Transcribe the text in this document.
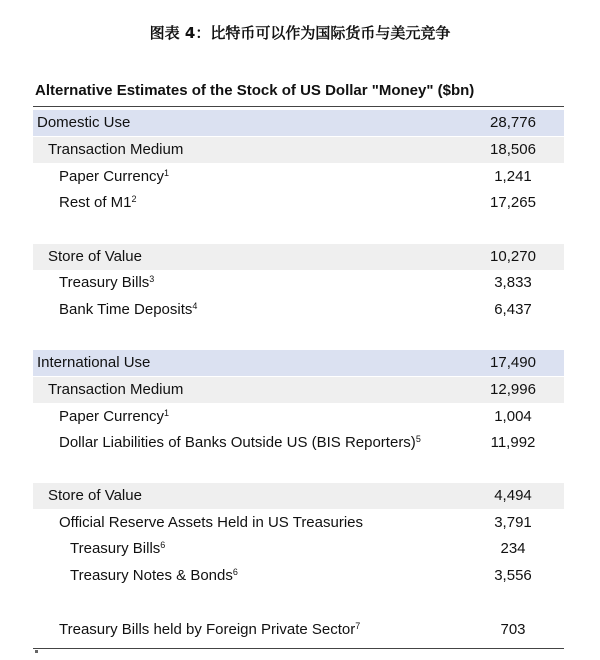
图表 4：比特币可以作为国际货币与美元竞争
Alternative Estimates of the Stock of US Dollar "Money" ($bn)
Domestic Use	28,776
Transaction Medium	18,506
Paper Currency$^1$	1,241
Rest of $M1^2$	17,265
Store of Value	10,270
Treasury Bills$^3$	3,833
Bank Time Deposits$^4$	6,437
International Use	17,490
Transaction Medium	12,996
Paper Currency$^1$	1,004
Dollar Liabilities of Banks Outside US (BIS Reporters)$^5$	11,992
Store of Value	4,494
Official Reserve Assets Held in US Treasuries	3,791
Treasury Bills$^6$	234
Treasury Notes & Bonds$^6$	3,556
Treasury Bills held by Foreign Private Sector$^7$	703
